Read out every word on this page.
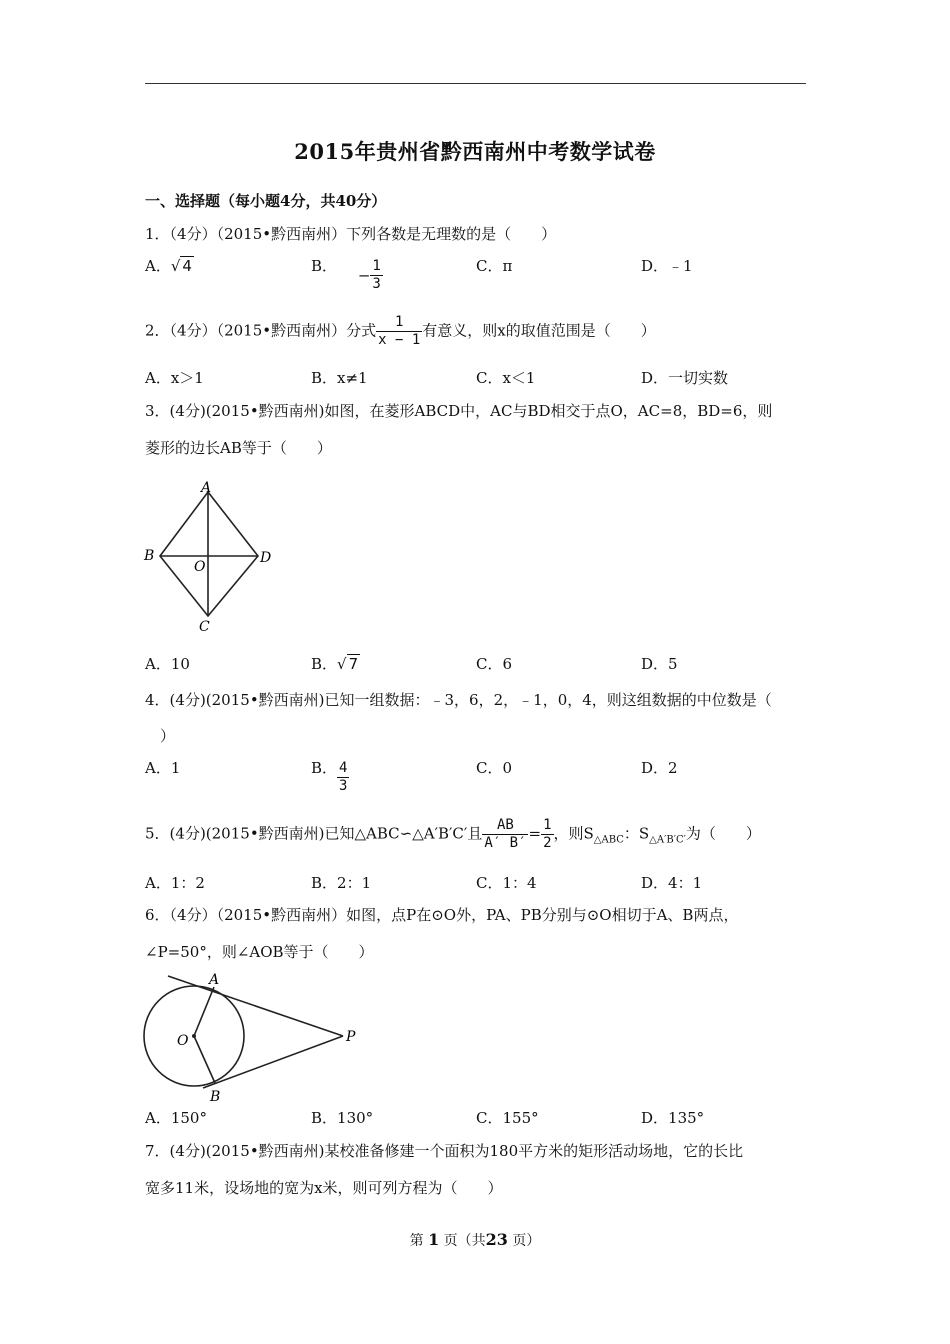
2015年贵州省黔西南州中考数学试卷
一、选择题（每小题4分，共40分）
1．（4分）（2015•黔西南州）下列各数是无理数的是（　　）
A．√ 4	B． − $\frac{1}{3}$	C．π	D．﹣1
2．（4分）（2015•黔西南州）分式 $\frac{1}{x - 1}$ 有意义，则x的取值范围是（　　）
A．x＞1	B．x≠1	C．x＜1	D．一切实数
3．(4分)(2015•黔西南州)如图，在菱形ABCD中，AC与BD相交于点O，AC=8，BD=6，则
菱形的边长AB等于（　　）
A
B
C
D
O
A．10	B．√ 7	C．6	D．5
4．(4分)(2015•黔西南州)已知一组数据：﹣3，6，2，﹣1，0，4，则这组数据的中位数是（
　）
A．1	B． $\frac{4}{3}$	C．0	D．2
5．(4分)(2015•黔西南州)已知△ABC∽△A′B′C′且 $\frac{AB}{A' B'} = \frac{1}{2}$ ，则$S_{\triangle ABC}$：$S_{\triangle A'B'C'}$为（　　）
A．1：2	B．2：1	C．1：4	D．4：1
6．（4分）（2015•黔西南州）如图，点P在⊙O外，PA、PB分别与⊙O相切于A、B两点，
∠P=50°，则∠AOB等于（　　）
A
B
O	P
A．150°	B．130°	C．155°	D．135°
7．(4分)(2015•黔西南州)某校准备修建一个面积为180平方米的矩形活动场地，它的长比
宽多11米，设场地的宽为x米，则可列方程为（　　）
第 1 页（共23 页）
